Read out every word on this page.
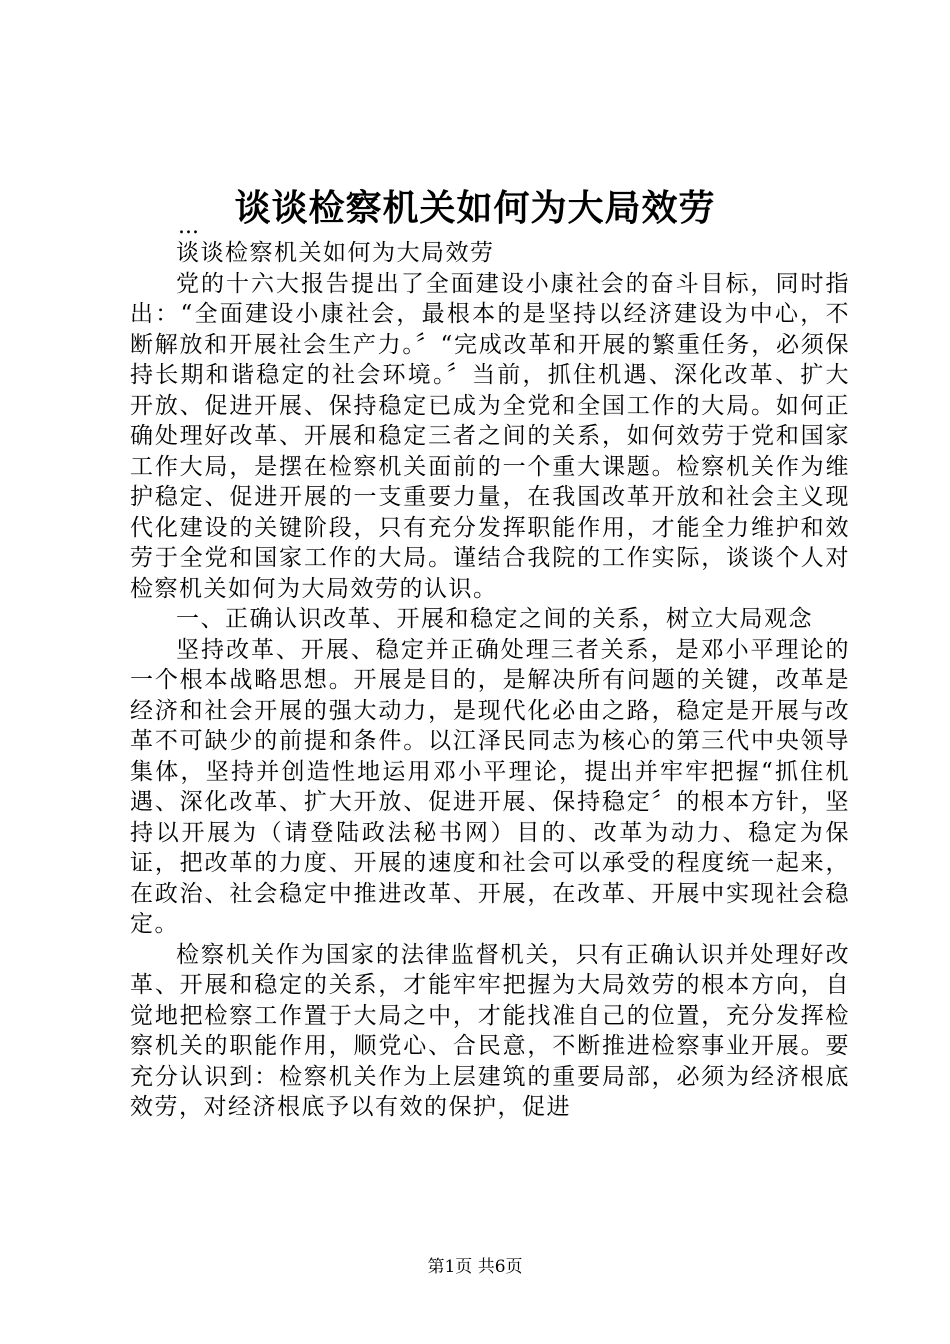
谈谈检察机关如何为大局效劳
...

谈谈检察机关如何为大局效劳

党的十六大报告提出了全面建设小康社会的奋斗目标，同时指出：“全面建设小康社会，最根本的是坚持以经济建设为中心，不断解放和开展社会生产力。〞“完成改革和开展的繁重任务，必须保持长期和谐稳定的社会环境。〞当前，抓住机遇、深化改革、扩大开放、促进开展、保持稳定已成为全党和全国工作的大局。如何正确处理好改革、开展和稳定三者之间的关系，如何效劳于党和国家工作大局，是摆在检察机关面前的一个重大课题。检察机关作为维护稳定、促进开展的一支重要力量，在我国改革开放和社会主义现代化建设的关键阶段，只有充分发挥职能作用，才能全力维护和效劳于全党和国家工作的大局。谨结合我院的工作实际，谈谈个人对检察机关如何为大局效劳的认识。

一、正确认识改革、开展和稳定之间的关系，树立大局观念

坚持改革、开展、稳定并正确处理三者关系，是邓小平理论的一个根本战略思想。开展是目的，是解决所有问题的关键，改革是经济和社会开展的强大动力，是现代化必由之路，稳定是开展与改革不可缺少的前提和条件。以江泽民同志为核心的第三代中央领导集体，坚持并创造性地运用邓小平理论，提出并牢牢把握“抓住机遇、深化改革、扩大开放、促进开展、保持稳定〞的根本方针，坚持以开展为（请登陆政法秘书网）目的、改革为动力、稳定为保证，把改革的力度、开展的速度和社会可以承受的程度统一起来，在政治、社会稳定中推进改革、开展，在改革、开展中实现社会稳定。

检察机关作为国家的法律监督机关，只有正确认识并处理好改革、开展和稳定的关系，才能牢牢把握为大局效劳的根本方向，自觉地把检察工作置于大局之中，才能找准自己的位置，充分发挥检察机关的职能作用，顺党心、合民意，不断推进检察事业开展。要充分认识到：检察机关作为上层建筑的重要局部，必须为经济根底效劳，对经济根底予以有效的保护，促进

第1页 共6页
